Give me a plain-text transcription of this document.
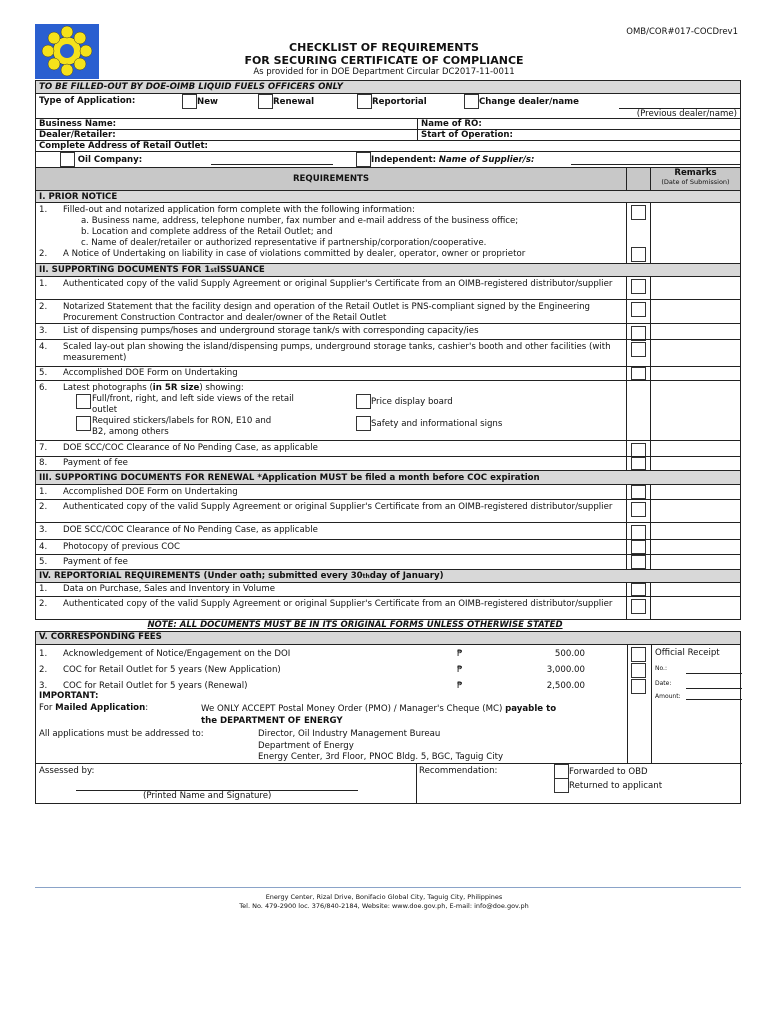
OMB/COR#017-COCDrev1
CHECKLIST OF REQUIREMENTS
FOR SECURING CERTIFICATE OF COMPLIANCE
As provided for in DOE Department Circular DC2017-11-0011
TO BE FILLED-OUT BY DOE-OIMB LIQUID FUELS OFFICERS ONLY
Type of Application:	New	Renewal	Reportorial	Change dealer/name
(Previous dealer/name)
Business Name:	Name of RO:
Dealer/Retailer:	Start of Operation:
Complete Address of Retail Outlet:
Oil Company:	Independent: Name of Supplier/s:
REQUIREMENTS
Remarks
(Date of Submission)
I. PRIOR NOTICE
1. Filled-out and notarized application form complete with the following information:
a. Business name, address, telephone number, fax number and e-mail address of the business office;
b. Location and complete address of the Retail Outlet; and
c. Name of dealer/retailer or authorized representative if partnership/corporation/cooperative.
2. A Notice of Undertaking on liability in case of violations committed by dealer, operator, owner or proprietor
II. SUPPORTING DOCUMENTS FOR 1 st ISSUANCE
1. Authenticated copy of the valid Supply Agreement or original Supplier's Certificate from an OIMB-registered distributor/supplier
2. Notarized Statement that the facility design and operation of the Retail Outlet is PNS-compliant signed by the Engineering Procurement Construction Contractor and dealer/owner of the Retail Outlet
3. List of dispensing pumps/hoses and underground storage tank/s with corresponding capacity/ies
4. Scaled lay-out plan showing the island/dispensing pumps, underground storage tanks, cashier's booth and other facilities (with measurement)
5. Accomplished DOE Form on Undertaking
6. Latest photographs (in 5R size) showing:
Full/front, right, and left side views of the retail outlet
Price display board
Required stickers/labels for RON, E10 and B2, among others
Safety and informational signs
7. DOE SCC/COC Clearance of No Pending Case, as applicable
8. Payment of fee
III. SUPPORTING DOCUMENTS FOR RENEWAL *Application MUST be filed a month before COC expiration
1. Accomplished DOE Form on Undertaking
2. Authenticated copy of the valid Supply Agreement or original Supplier's Certificate from an OIMB-registered distributor/supplier
3. DOE SCC/COC Clearance of No Pending Case, as applicable
4. Photocopy of previous COC
5. Payment of fee
IV. REPORTORIAL REQUIREMENTS (Under oath; submitted every 30 th day of January)
1. Data on Purchase, Sales and Inventory in Volume
2. Authenticated copy of the valid Supply Agreement or original Supplier's Certificate from an OIMB-registered distributor/supplier
NOTE: ALL DOCUMENTS MUST BE IN ITS ORIGINAL FORMS UNLESS OTHERWISE STATED
V. CORRESPONDING FEES
1. Acknowledgement of Notice/Engagement on the DOI	₱	500.00
2. COC for Retail Outlet for 5 years (New Application)	₱	3,000.00
3. COC for Retail Outlet for 5 years (Renewal)	₱	2,500.00
Official Receipt
No.:
Date:
Amount:
IMPORTANT:
For Mailed Application:	We ONLY ACCEPT Postal Money Order (PMO) / Manager's Cheque (MC) payable to
the DEPARTMENT OF ENERGY
All applications must be addressed to:	Director, Oil Industry Management Bureau
Department of Energy
Energy Center, 3rd Floor, PNOC Bldg. 5, BGC, Taguig City
Assessed by:
(Printed Name and Signature)
Recommendation:	Forwarded to OBD
Returned to applicant
Energy Center, Rizal Drive, Bonifacio Global City, Taguig City, Philippines
Tel. No. 479-2900 loc. 376/840-2184, Website: www.doe.gov.ph, E-mail: info@doe.gov.ph
